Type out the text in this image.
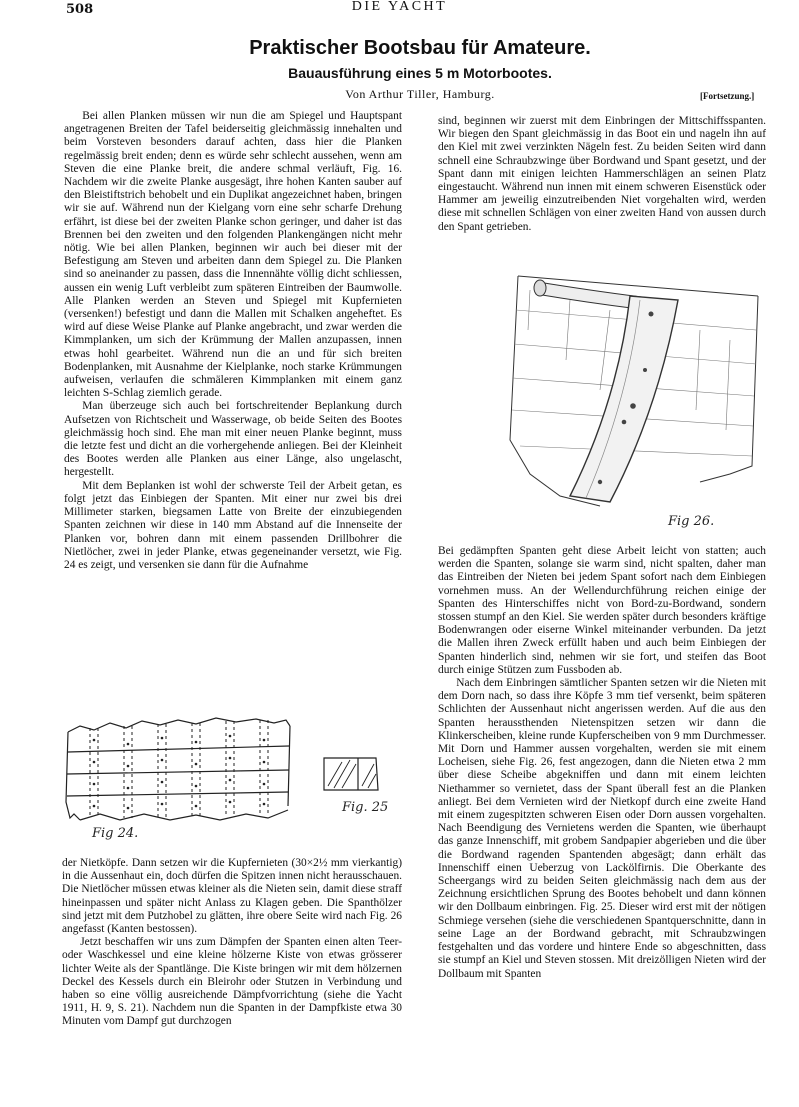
508	DIE YACHT
Praktischer Bootsbau für Amateure.
Bauausführung eines 5 m Motorbootes.
Von Arthur Tiller, Hamburg.	[Fortsetzung.]

Bei allen Planken müssen wir nun die am Spiegel und Hauptspant angetragenen Breiten der Tafel beiderseitig gleichmässig innehalten und beim Vorsteven besonders darauf achten, dass hier die Planken regelmässig breit enden; denn es würde sehr schlecht aussehen, wenn am Steven die eine Planke breit, die andere schmal verläuft, Fig. 16. Nachdem wir die zweite Planke ausgesägt, ihre hohen Kanten sauber auf den Bleistiftstrich behobelt und ein Duplikat angezeichnet haben, bringen wir sie auf. Während nun der Kielgang vorn eine sehr scharfe Drehung erfährt, ist diese bei der zweiten Planke schon geringer, und daher ist das Brennen bei den zweiten und den folgenden Plankengängen nicht mehr nötig. Wie bei allen Planken, beginnen wir auch bei dieser mit der Befestigung am Steven und arbeiten dann dem Spiegel zu. Die Planken sind so aneinander zu passen, dass die Innennähte völlig dicht schliessen, aussen ein wenig Luft verbleibt zum späteren Eintreiben der Baumwolle. Alle Planken werden an Steven und Spiegel mit Kupfernieten (versenken!) befestigt und dann die Mallen mit Schalken angeheftet. Es wird auf diese Weise Planke auf Planke angebracht, und zwar werden die Kimmplanken, um sich der Krümmung der Mallen anzupassen, innen etwas hohl gearbeitet. Während nun die an und für sich breiten Bodenplanken, mit Ausnahme der Kielplanke, noch starke Krümmungen aufweisen, verlaufen die schmäleren Kimmplanken mit einem ganz leichten S-Schlag ziemlich gerade.

Man überzeuge sich auch bei fortschreitender Beplankung durch Aufsetzen von Richtscheit und Wasserwage, ob beide Seiten des Bootes gleichmässig hoch sind. Ehe man mit einer neuen Planke beginnt, muss die letzte fest und dicht an die vorhergehende anliegen. Bei der Kleinheit des Bootes werden alle Planken aus einer Länge, also ungelascht, hergestellt.

Mit dem Beplanken ist wohl der schwerste Teil der Arbeit getan, es folgt jetzt das Einbiegen der Spanten. Mit einer nur zwei bis drei Millimeter starken, biegsamen Latte von Breite der einzubiegenden Spanten zeichnen wir diese in 140 mm Abstand auf die Innenseite der Planken vor, bohren dann mit einem passenden Drillbohrer die Nietlöcher, zwei in jeder Planke, etwas gegeneinander versetzt, wie Fig. 24 es zeigt, und versenken sie dann für die Aufnahme

Fig 24.
Fig. 25

der Nietköpfe. Dann setzen wir die Kupfernieten (30×2½ mm vierkantig) in die Aussenhaut ein, doch dürfen die Spitzen innen nicht herausschauen. Die Nietlöcher müssen etwas kleiner als die Nieten sein, damit diese straff hineinpassen und später nicht Anlass zu Klagen geben. Die Spanthölzer sind jetzt mit dem Putzhobel zu glätten, ihre obere Seite wird nach Fig. 26 angefasst (Kanten bestossen).

Jetzt beschaffen wir uns zum Dämpfen der Spanten einen alten Teer- oder Waschkessel und eine kleine hölzerne Kiste von etwas grösserer lichter Weite als der Spantlänge. Die Kiste bringen wir mit dem hölzernen Deckel des Kessels durch ein Bleirohr oder Stutzen in Verbindung und haben so eine völlig ausreichende Dämpfvorrichtung (siehe die Yacht 1911, H. 9, S. 21). Nachdem nun die Spanten in der Dampfkiste etwa 30 Minuten vom Dampf gut durchzogen

sind, beginnen wir zuerst mit dem Einbringen der Mittschiffsspanten. Wir biegen den Spant gleichmässig in das Boot ein und nageln ihn auf den Kiel mit zwei verzinkten Nägeln fest. Zu beiden Seiten wird dann schnell eine Schraubzwinge über Bordwand und Spant gesetzt, und der Spant dann mit einigen leichten Hammerschlägen an seinen Platz eingestaucht. Während nun innen mit einem schweren Eisenstück oder Hammer am jeweilig einzutreibenden Niet vorgehalten wird, werden diese mit schnellen Schlägen von einer zweiten Hand von aussen durch den Spant getrieben.

Fig 26.

Bei gedämpften Spanten geht diese Arbeit leicht von statten; auch werden die Spanten, solange sie warm sind, nicht spalten, daher man das Eintreiben der Nieten bei jedem Spant sofort nach dem Einbiegen vornehmen muss. An der Wellendurchführung reichen einige der Spanten des Hinterschiffes nicht von Bord-zu-Bordwand, sondern stossen stumpf an den Kiel. Sie werden später durch besonders kräftige Bodenwrangen oder eiserne Winkel miteinander verbunden. Da jetzt die Mallen ihren Zweck erfüllt haben und auch beim Einbiegen der Spanten hinderlich sind, nehmen wir sie fort, und steifen das Boot durch einige Stützen zum Fussboden ab.

Nach dem Einbringen sämtlicher Spanten setzen wir die Nieten mit dem Dorn nach, so dass ihre Köpfe 3 mm tief versenkt, beim späteren Schlichten der Aussenhaut nicht angerissen werden. Auf die aus den Spanten heraussthenden Nietenspitzen setzen wir dann die Klinkerscheiben, kleine runde Kupferscheiben von 9 mm Durchmesser. Mit Dorn und Hammer aussen vorgehalten, werden sie mit einem Locheisen, siehe Fig. 26, fest angezogen, dann die Nieten etwa 2 mm über diese Scheibe abgekniffen und dann mit einem leichten Niethammer so vernietet, dass der Spant überall fest an die Planken anliegt. Bei dem Vernieten wird der Nietkopf durch eine zweite Hand mit einem zugespitzten schweren Eisen oder Dorn aussen vorgehalten. Nach Beendigung des Vernietens werden die Spanten, wie überhaupt das ganze Innenschiff, mit grobem Sandpapier abgerieben und die über die Bordwand ragenden Spantenden abgesägt; dann erhält das Innenschiff einen Ueberzug von Lackölfirnis. Die Oberkante des Scheergangs wird zu beiden Seiten gleichmässig nach dem aus der Zeichnung ersichtlichen Sprung des Bootes behobelt und dann können wir den Dollbaum einbringen. Fig. 25. Dieser wird erst mit der nötigen Schmiege versehen (siehe die verschiedenen Spantquerschnitte, dann in seine Lage an der Bordwand gebracht, mit Schraubzwingen festgehalten und das vordere und hintere Ende so abgeschnitten, dass sie stumpf an Kiel und Steven stossen. Mit dreizölligen Nieten wird der Dollbaum mit Spanten
